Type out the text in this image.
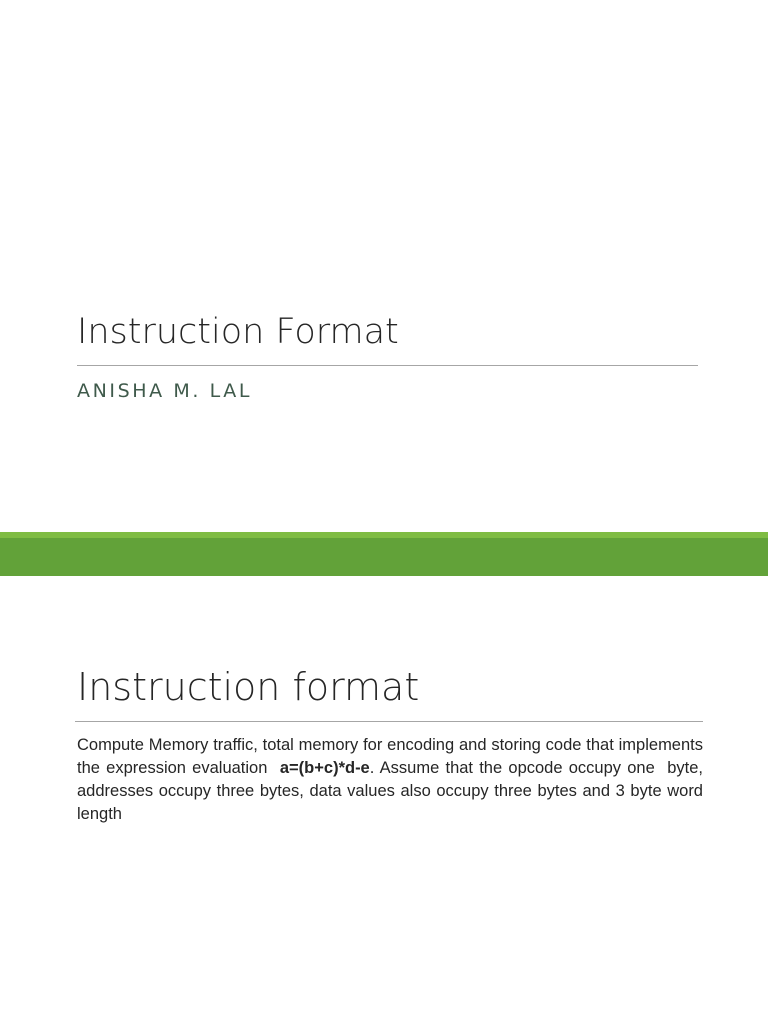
Instruction Format
ANISHA M. LAL
Instruction format
Compute Memory traffic, total memory for encoding and storing code that implements the expression evaluation  a=(b+c)*d-e. Assume that the opcode occupy one  byte, addresses occupy three bytes, data values also occupy three bytes and 3 byte word length
